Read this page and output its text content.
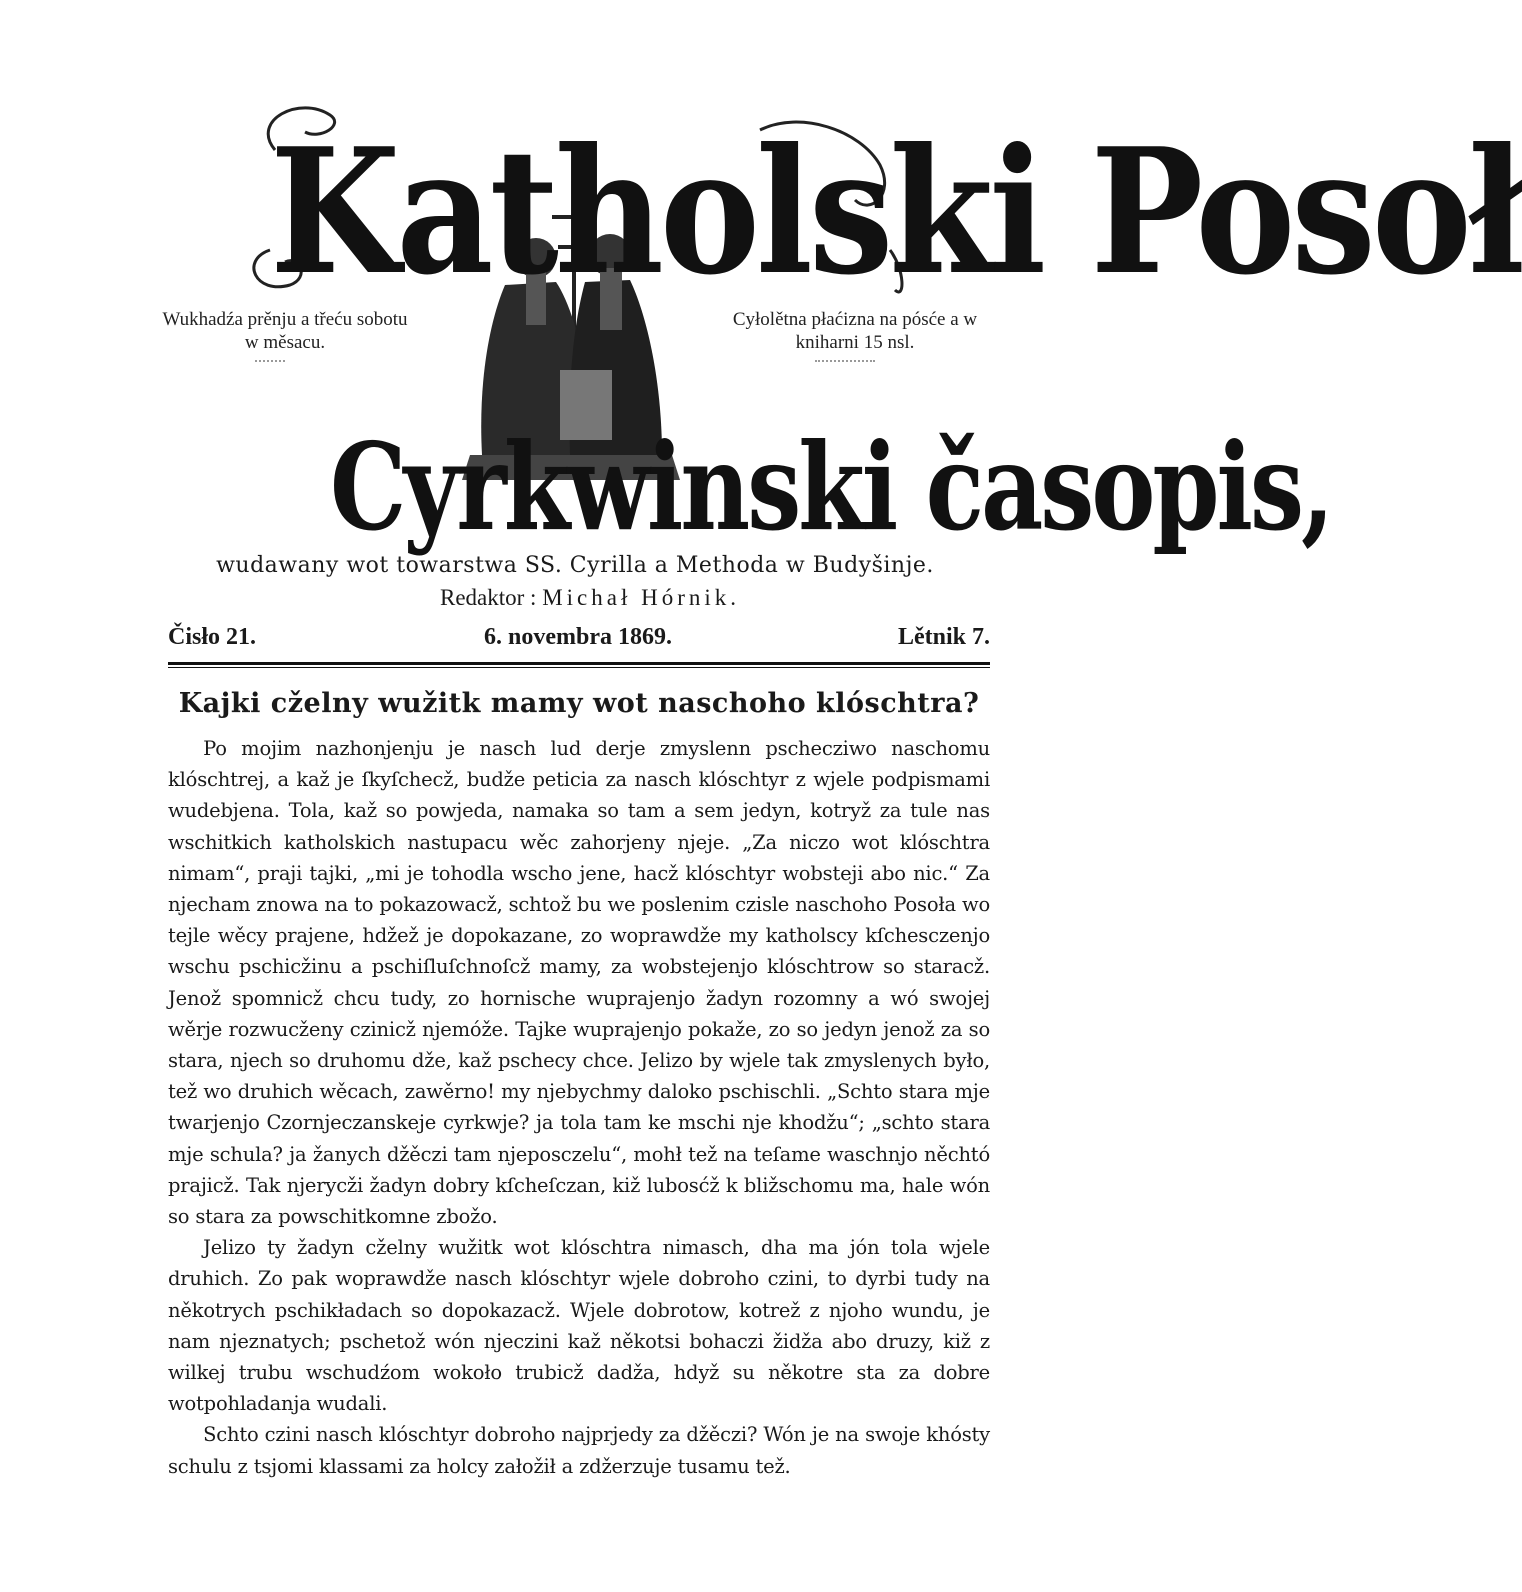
Katholski Posoł
Cyrkwinski časopis,
Wukhadźa prěnju a třeću sobotu w měsacu.
Cyłolětna płaćizna na pósće a w kniharni 15 nsl.
wudawany wot towarstwa SS. Cyrilla a Methoda w Budyšinje.
Redaktor : Michał Hórnik.
Čisło 21.	6. novembra 1869.	Lětnik 7.
Kajki cželny wužitk mamy wot naschoho klóschtra?

Po mojim nazhonjenju je nasch lud derje zmyslenn pschecziwo naschomu klóschtrej, a kaž je ſkyſchecž, budže peticia za nasch klóschtyr z wjele podpismami wudebjena. Tola, kaž so powjeda, namaka so tam a sem jedyn, kotryž za tule nas wschitkich katholskich nastupacu wěc zahorjeny njeje. „Za niczo wot klóschtra nimam“, praji tajki, „mi je tohodla wscho jene, hacž klóschtyr wobsteji abo nic.“ Za njecham znowa na to pokazowacž, schtož bu we poslenim czisle naschoho Posoła wo tejle wěcy prajene, hdžež je dopokazane, zo woprawdže my katholscy kſchesczenjo wschu pschicžinu a pschiſluſchnoſcž mamy, za wobstejenjo klóschtrow so staracž. Jenož spomnicž chcu tudy, zo hornische wuprajenjo žadyn rozomny a wó swojej wěrje rozwucženy czinicž njemóže. Tajke wuprajenjo pokaže, zo so jedyn jenož za so stara, njech so druhomu dže, kaž pschecy chce. Jelizo by wjele tak zmyslenych było, tež wo druhich wěcach, zawěrno! my njebychmy daloko pschischli. „Schto stara mje twarjenjo Czornjeczanskeje cyrkwje? ja tola tam ke mschi nje khodžu“; „schto stara mje schula? ja žanych džěczi tam njeposczelu“, mohł tež na teſame waschnjo něchtó prajicž. Tak njerycži žadyn dobry kſcheſczan, kiž lubosćž k bližschomu ma, hale wón so stara za powschitkomne zbožo.

Jelizo ty žadyn cželny wužitk wot klóschtra nimasch, dha ma jón tola wjele druhich. Zo pak woprawdže nasch klóschtyr wjele dobroho czini, to dyrbi tudy na někotrych pschikładach so dopokazacž. Wjele dobrotow, kotrež z njoho wundu, je nam njeznatych; pschetož wón njeczini kaž někotsi bohaczi židža abo druzy, kiž z wilkej trubu wschudźom wokoło trubicž dadža, hdyž su někotre sta za dobre wotpohladanja wudali.

Schto czini nasch klóschtyr dobroho najprjedy za džěczi? Wón je na swoje khósty schulu z tsjomi klassami za holcy załožił a zdžerzuje tusamu tež.
